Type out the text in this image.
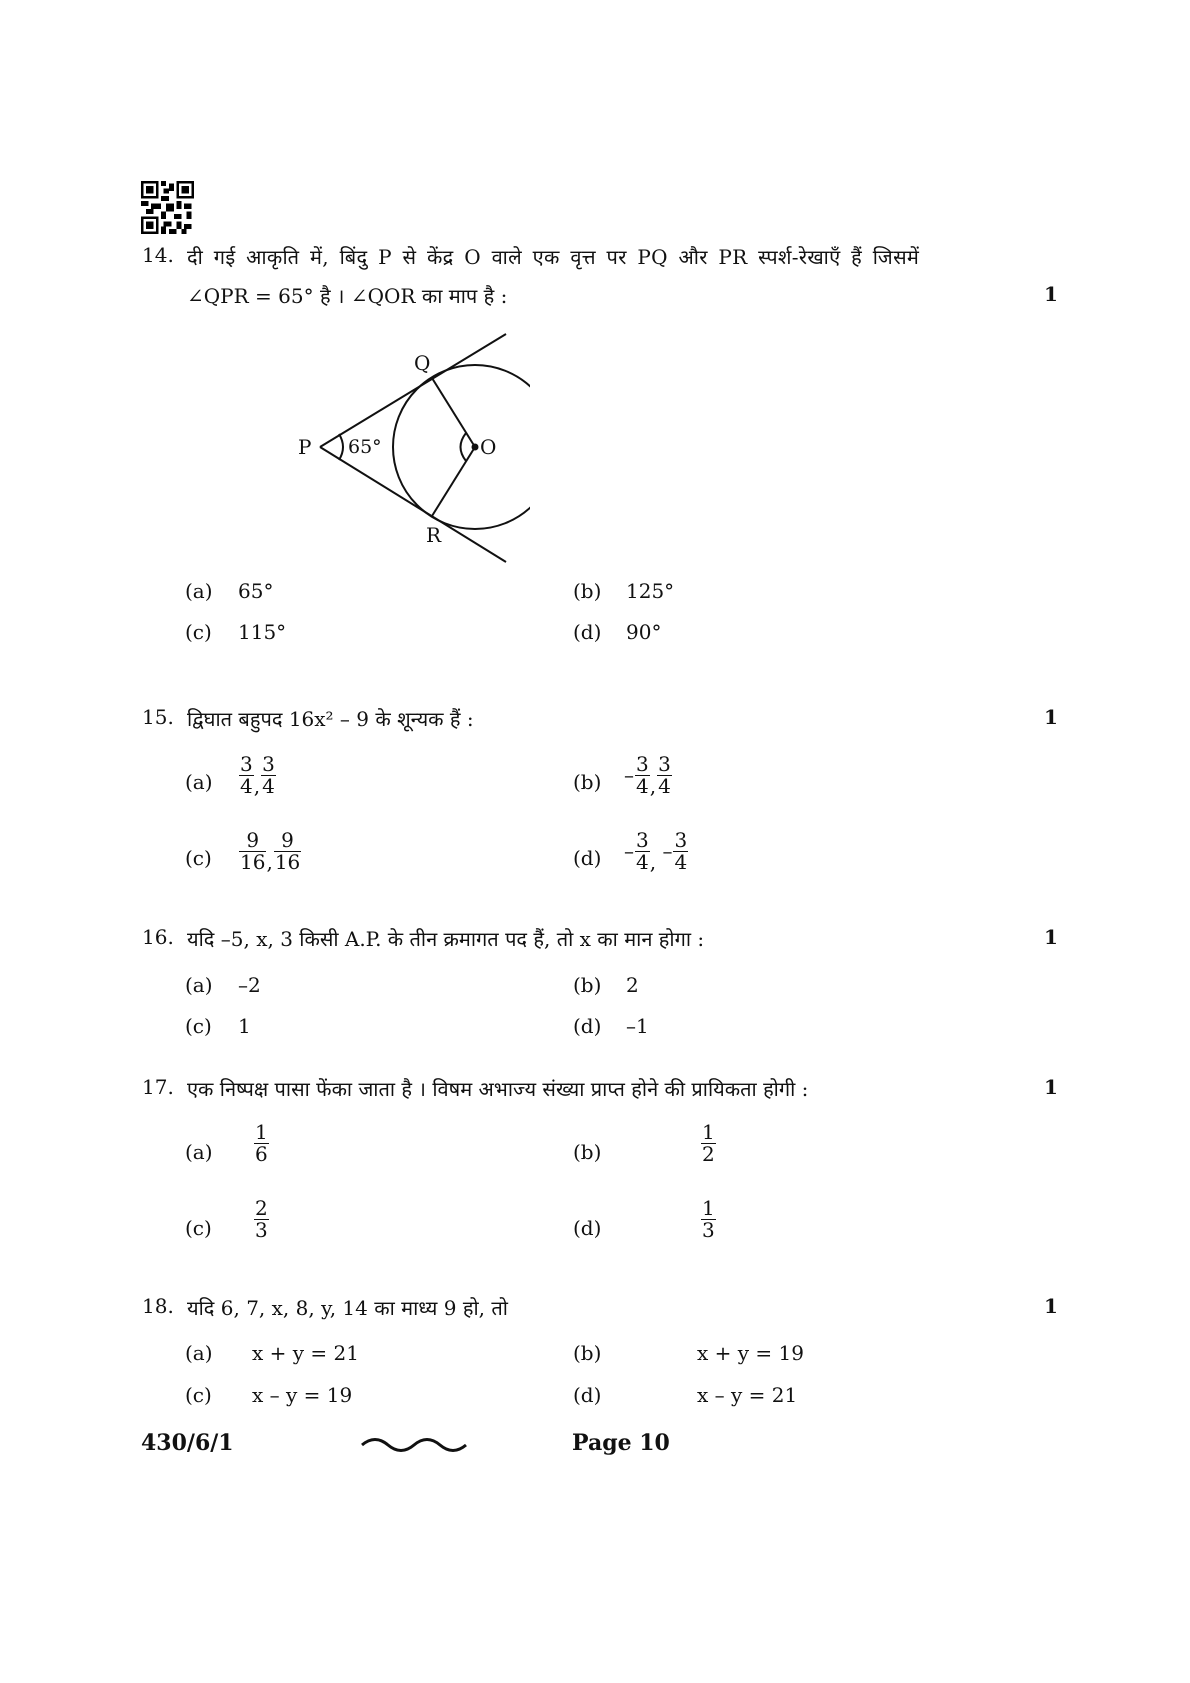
14. दी गई आकृति में, बिंदु P से केंद्र O वाले एक वृत्त पर PQ और PR स्पर्श-रेखाएँ हैं जिसमें
∠QPR = 65° है । ∠QOR का माप है :	1
P 65°
Q
O
R
(a) 65°	(b) 125°
(c) 115°	(d) 90°
15. द्विघात बहुपद 16x² – 9 के शून्यक हैं :	1
$(a) \frac{3}{4}$ , $\frac{3}{4}$	$(b) - \frac{3}{4}$ , $\frac{3}{4}$
$(c) \frac{9}{16}$ , $\frac{9}{16}$	$(d) - \frac{3}{4}$ , – $\frac{3}{4}$
16. यदि –5, x, 3 किसी A.P. के तीन क्रमागत पद हैं, तो x का मान होगा :	1
(a) –2	(b) 2
(c) 1	(d) –1
17. एक निष्पक्ष पासा फेंका जाता है । विषम अभाज्य संख्या प्राप्त होने की प्रायिकता होगी :	1
$(a) \frac{1}{6}$	(b)	$\frac{1}{2}$
$(c) \frac{2}{3}$	(d)	$\frac{1}{3}$
18. यदि 6, 7, x, 8, y, 14 का माध्य 9 हो, तो	1
(a) x + y = 21	(b)	x + y = 19
(c) x – y = 19	(d)	x – y = 21
430/6/1	Page 10
